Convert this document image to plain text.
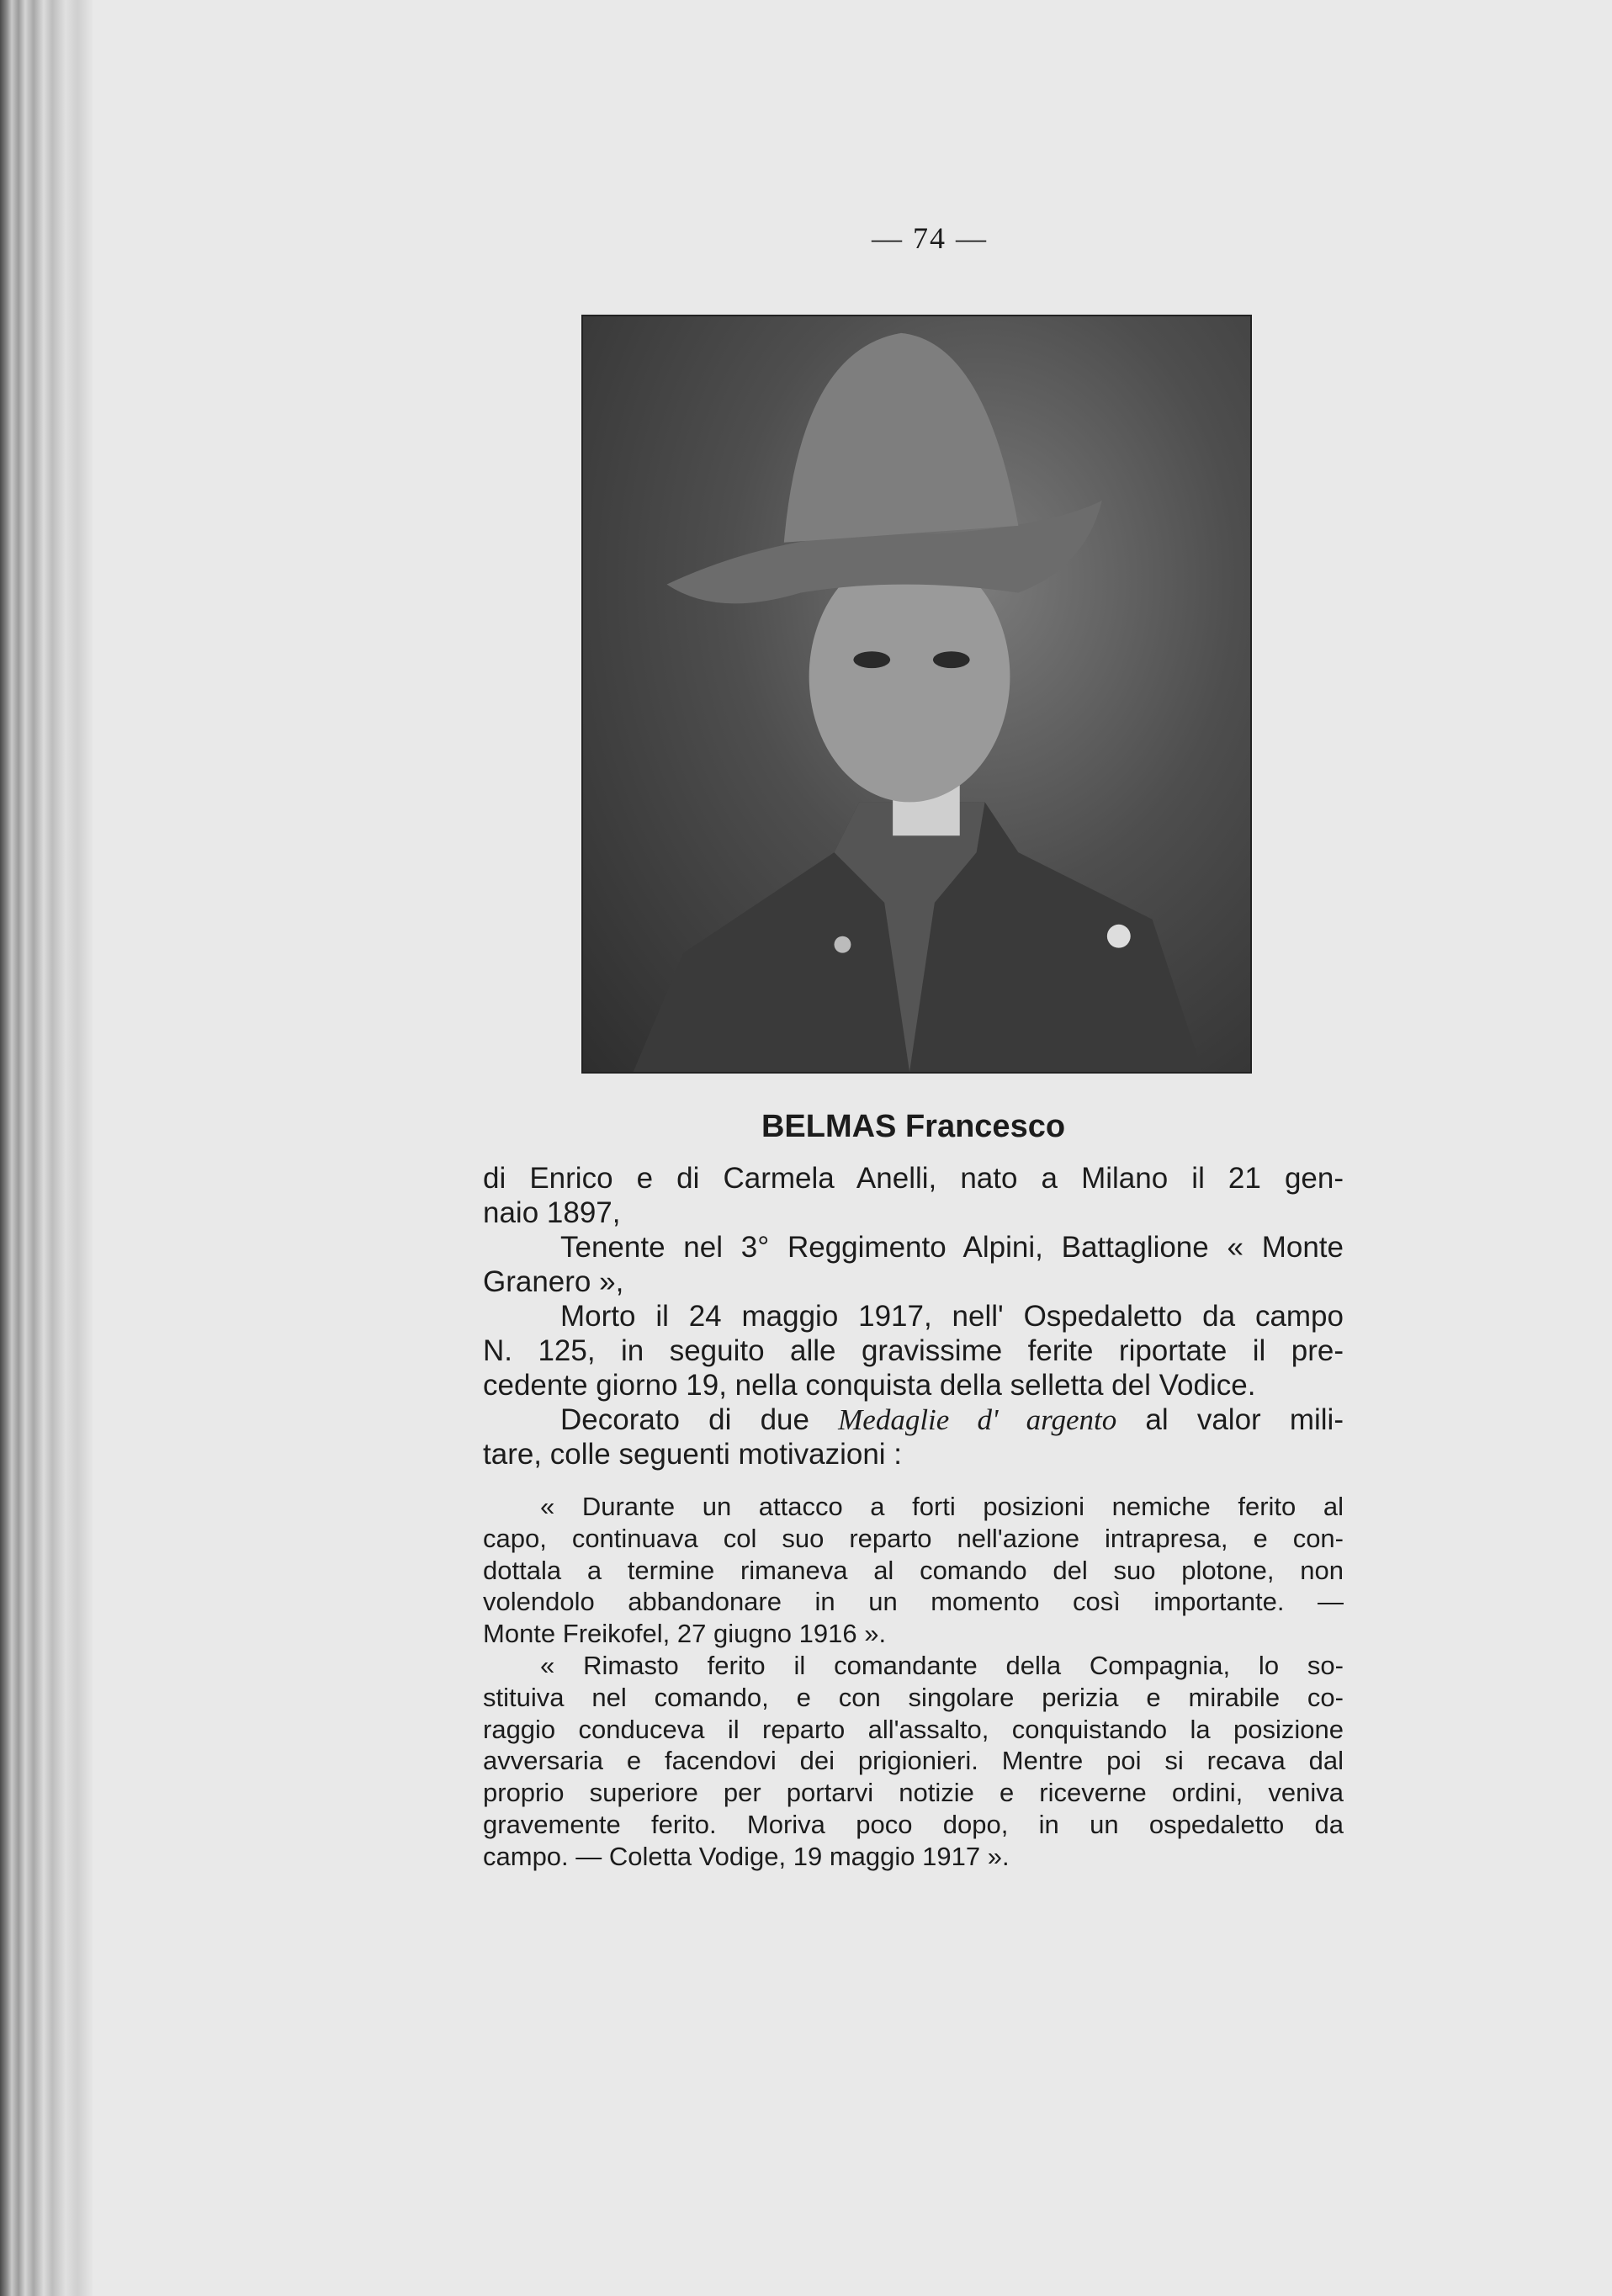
— 74 —
BELMAS Francesco
di Enrico e di Carmela Anelli, nato a Milano il 21 gen-
naio 1897,
Tenente nel 3° Reggimento Alpini, Battaglione « Monte
Granero »,
Morto il 24 maggio 1917, nell' Ospedaletto da campo
N. 125, in seguito alle gravissime ferite riportate il pre-
cedente giorno 19, nella conquista della selletta del Vodice.
Decorato di due Medaglie d' argento al valor mili-
tare, colle seguenti motivazioni :
« Durante un attacco a forti posizioni nemiche ferito al
capo, continuava col suo reparto nell'azione intrapresa, e con-
dottala a termine rimaneva al comando del suo plotone, non
volendolo abbandonare in un momento così importante. —
Monte Freikofel, 27 giugno 1916 ».
« Rimasto ferito il comandante della Compagnia, lo so-
stituiva nel comando, e con singolare perizia e mirabile co-
raggio conduceva il reparto all'assalto, conquistando la posizione
avversaria e facendovi dei prigionieri. Mentre poi si recava dal
proprio superiore per portarvi notizie e riceverne ordini, veniva
gravemente ferito. Moriva poco dopo, in un ospedaletto da
campo. — Coletta Vodige, 19 maggio 1917 ».
